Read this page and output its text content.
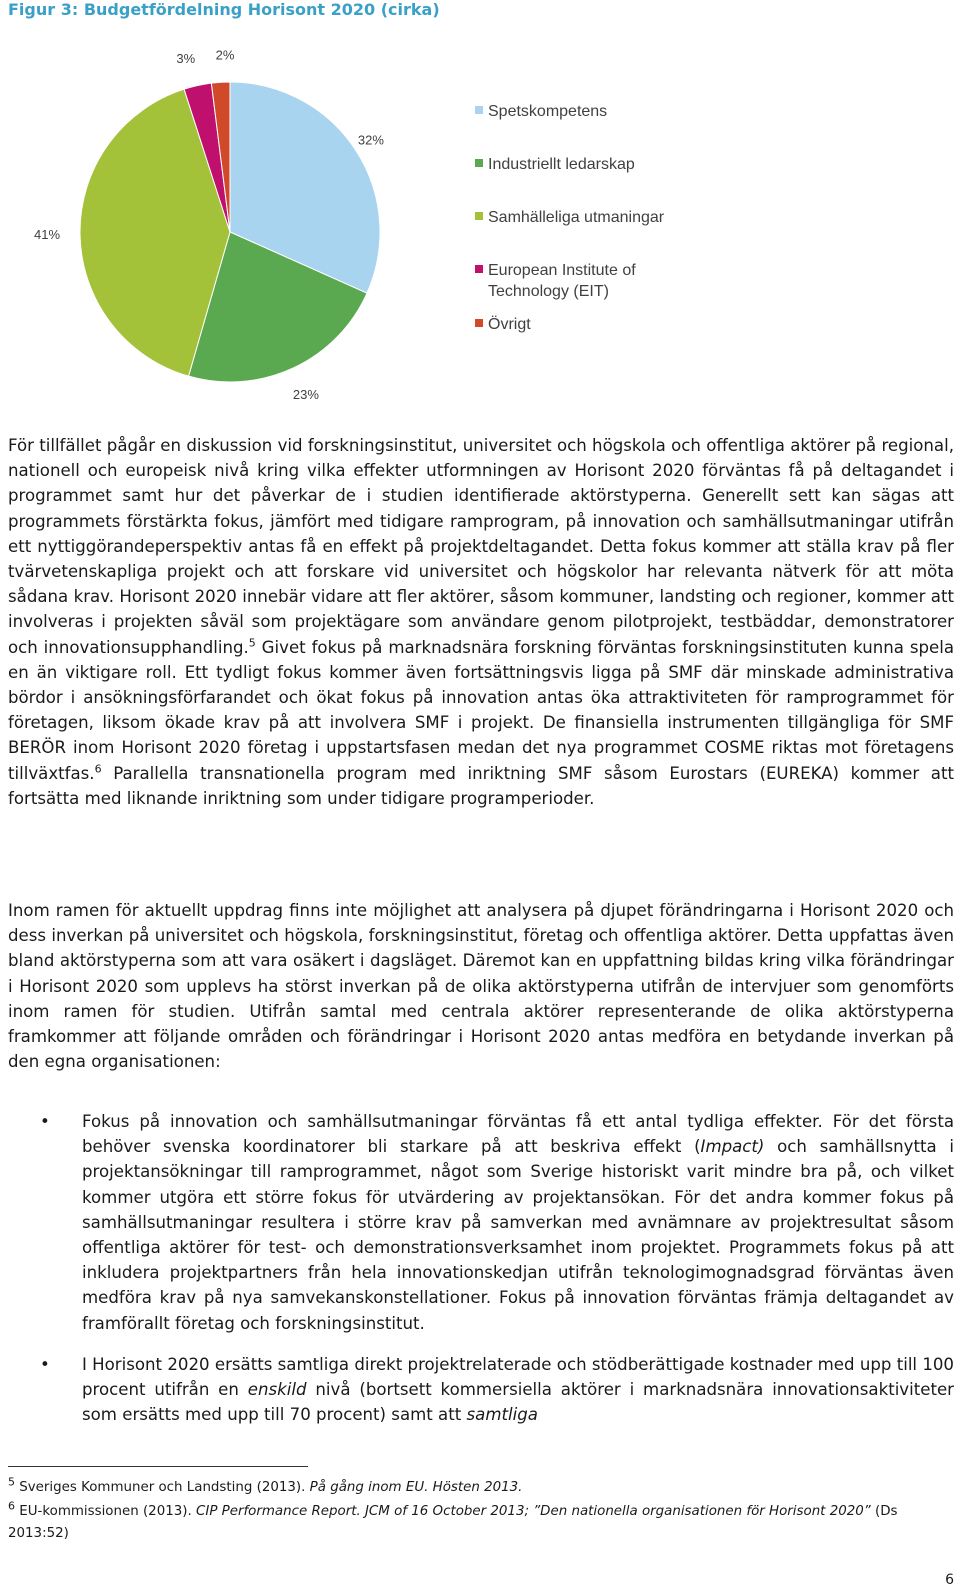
Figur 3: Budgetfördelning Horisont 2020 (cirka)
32%
23%
41%
3% 2%
Spetskompetens
Industriellt ledarskap
Samhälleliga utmaningar
European Institute of
Technology (EIT)
Övrigt

För tillfället pågår en diskussion vid forskningsinstitut, universitet och högskola och offentliga aktörer på regional, nationell och europeisk nivå kring vilka effekter utformningen av Horisont 2020 förväntas få på deltagandet i programmet samt hur det påverkar de i studien identifierade aktörstyperna. Generellt sett kan sägas att programmets förstärkta fokus, jämfört med tidigare ramprogram, på innovation och samhällsutmaningar utifrån ett nyttiggörandeperspektiv antas få en effekt på projektdeltagandet. Detta fokus kommer att ställa krav på fler tvärvetenskapliga projekt och att forskare vid universitet och högskolor har relevanta nätverk för att möta sådana krav. Horisont 2020 innebär vidare att fler aktörer, såsom kommuner, landsting och regioner, kommer att involveras i projekten såväl som projektägare som användare genom pilotprojekt, testbäddar, demonstratorer och innovationsupphandling.$^5$ Givet fokus på marknadsnära forskning förväntas forskningsinstituten kunna spela en än viktigare roll. Ett tydligt fokus kommer även fortsättningsvis ligga på SMF där minskade administrativa bördor i ansökningsförfarandet och ökat fokus på innovation antas öka attraktiviteten för ramprogrammet för företagen, liksom ökade krav på att involvera SMF i projekt. De finansiella instrumenten tillgängliga för SMF BERÖR inom Horisont 2020 företag i uppstartsfasen medan det nya programmet COSME riktas mot företagens tillväxtfas.$^6$ Parallella transnationella program med inriktning SMF såsom Eurostars (EUREKA) kommer att fortsätta med liknande inriktning som under tidigare programperioder.

Inom ramen för aktuellt uppdrag finns inte möjlighet att analysera på djupet förändringarna i Horisont 2020 och dess inverkan på universitet och högskola, forskningsinstitut, företag och offentliga aktörer. Detta uppfattas även bland aktörstyperna som att vara osäkert i dagsläget. Däremot kan en uppfattning bildas kring vilka förändringar i Horisont 2020 som upplevs ha störst inverkan på de olika aktörstyperna utifrån de intervjuer som genomförts inom ramen för studien. Utifrån samtal med centrala aktörer representerande de olika aktörstyperna framkommer att följande områden och förändringar i Horisont 2020 antas medföra en betydande inverkan på den egna organisationen:

• Fokus på innovation och samhällsutmaningar förväntas få ett antal tydliga effekter. För det första behöver svenska koordinatorer bli starkare på att beskriva effekt (Impact) och samhällsnytta i projektansökningar till ramprogrammet, något som Sverige historiskt varit mindre bra på, och vilket kommer utgöra ett större fokus för utvärdering av projektansökan. För det andra kommer fokus på samhällsutmaningar resultera i större krav på samverkan med avnämnare av projektresultat såsom offentliga aktörer för test- och demonstrationsverksamhet inom projektet. Programmets fokus på att inkludera projektpartners från hela innovationskedjan utifrån teknologimognadsgrad förväntas även medföra krav på nya samvekanskonstellationer. Fokus på innovation förväntas främja deltagandet av framförallt företag och forskningsinstitut.
• I Horisont 2020 ersätts samtliga direkt projektrelaterade och stödberättigade kostnader med upp till 100 procent utifrån en enskild nivå (bortsett kommersiella aktörer i marknadsnära innovationsaktiviteter som ersätts med upp till 70 procent) samt att samtliga

$^5$ Sveriges Kommuner och Landsting (2013). På gång inom EU. Hösten 2013.

$^6$ EU-kommissionen (2013). CIP Performance Report. JCM of 16 October 2013; ”Den nationella organisationen för Horisont 2020” (Ds 2013:52)

6
